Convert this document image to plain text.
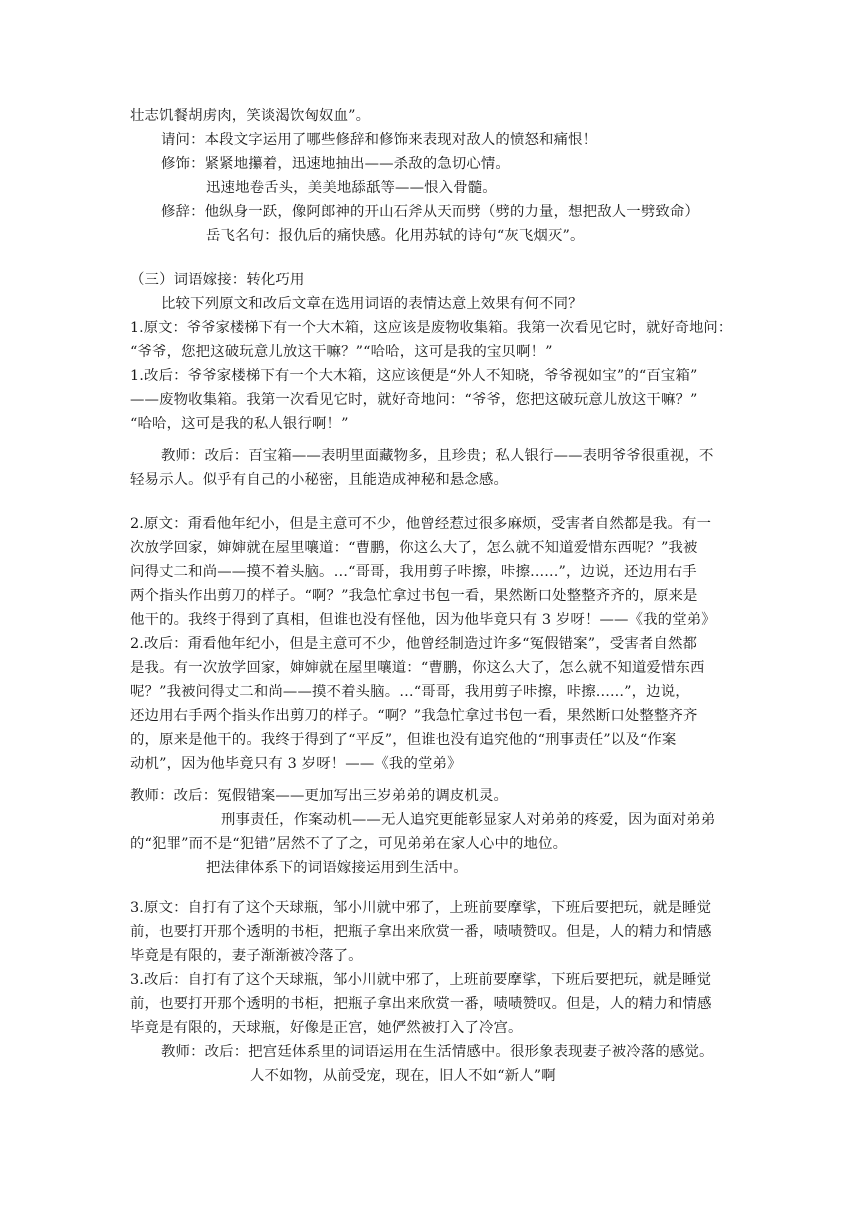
壮志饥餐胡虏肉，笑谈渴饮匈奴血”。
请问：本段文字运用了哪些修辞和修饰来表现对敌人的愤怒和痛恨！
修饰：紧紧地攥着，迅速地抽出——杀敌的急切心情。
迅速地卷舌头，美美地舔舐等——恨入骨髓。
修辞：他纵身一跃，像阿郎神的开山石斧从天而劈（劈的力量，想把敌人一劈致命）
岳飞名句：报仇后的痛快感。化用苏轼的诗句“灰飞烟灭”。
（三）词语嫁接：转化巧用
比较下列原文和改后文章在选用词语的表情达意上效果有何不同？
1.原文：爷爷家楼梯下有一个大木箱，这应该是废物收集箱。我第一次看见它时，就好奇地问：
“爷爷，您把这破玩意儿放这干嘛？”“哈哈，这可是我的宝贝啊！”
1.改后：爷爷家楼梯下有一个大木箱，这应该便是“外人不知晓，爷爷视如宝”的“百宝箱”
——废物收集箱。我第一次看见它时，就好奇地问：“爷爷，您把这破玩意儿放这干嘛？”
“哈哈，这可是我的私人银行啊！”
教师：改后：百宝箱——表明里面藏物多，且珍贵；私人银行——表明爷爷很重视，不
轻易示人。似乎有自己的小秘密，且能造成神秘和悬念感。
2.原文：甭看他年纪小，但是主意可不少，他曾经惹过很多麻烦，受害者自然都是我。有一
次放学回家，婶婶就在屋里嚷道：“曹鹏，你这么大了，怎么就不知道爱惜东西呢？”我被
问得丈二和尚——摸不着头脑。…“哥哥，我用剪子咔擦，咔擦......”，边说，还边用右手
两个指头作出剪刀的样子。“啊？”我急忙拿过书包一看，果然断口处整整齐齐的，原来是
他干的。我终于得到了真相，但谁也没有怪他，因为他毕竟只有 3 岁呀！——《我的堂弟》
2.改后：甭看他年纪小，但是主意可不少，他曾经制造过许多“冤假错案”，受害者自然都
是我。有一次放学回家，婶婶就在屋里嚷道：“曹鹏，你这么大了，怎么就不知道爱惜东西
呢？”我被问得丈二和尚——摸不着头脑。…“哥哥，我用剪子咔擦，咔擦......”，边说，
还边用右手两个指头作出剪刀的样子。“啊？”我急忙拿过书包一看，果然断口处整整齐齐
的，原来是他干的。我终于得到了“平反”，但谁也没有追究他的“刑事责任”以及“作案
动机”，因为他毕竟只有 3 岁呀！——《我的堂弟》
教师：改后：冤假错案——更加写出三岁弟弟的调皮机灵。
刑事责任，作案动机——无人追究更能彰显家人对弟弟的疼爱，因为面对弟弟
的“犯罪”而不是“犯错”居然不了了之，可见弟弟在家人心中的地位。
把法律体系下的词语嫁接运用到生活中。
3.原文：自打有了这个天球瓶，邹小川就中邪了，上班前要摩挲，下班后要把玩，就是睡觉
前，也要打开那个透明的书柜，把瓶子拿出来欣赏一番，啧啧赞叹。但是，人的精力和情感
毕竟是有限的，妻子渐渐被冷落了。
3.改后：自打有了这个天球瓶，邹小川就中邪了，上班前要摩挲，下班后要把玩，就是睡觉
前，也要打开那个透明的书柜，把瓶子拿出来欣赏一番，啧啧赞叹。但是，人的精力和情感
毕竟是有限的，天球瓶，好像是正宫，她俨然被打入了冷宫。
教师：改后：把宫廷体系里的词语运用在生活情感中。很形象表现妻子被冷落的感觉。
人不如物，从前受宠，现在，旧人不如“新人”啊
